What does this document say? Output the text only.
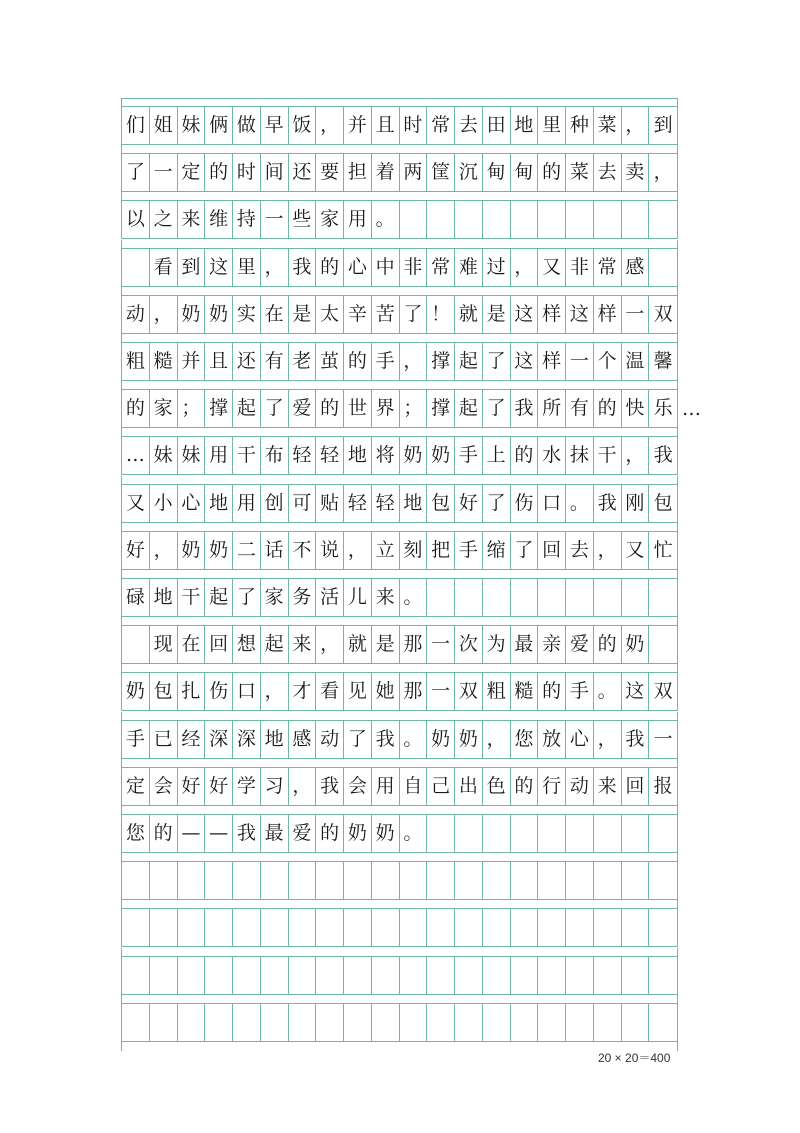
们 姐 妹 俩 做 早 饭 ， 并 且 时 常 去 田 地 里 种 菜 ， 到
了 一 定 的 时 间 还 要 担 着 两 筐 沉 甸 甸 的 菜 去 卖 ，
以 之 来 维 持 一 些 家 用 。
看 到 这 里 ， 我 的 心 中 非 常 难 过 ， 又 非 常 感
动 ， 奶 奶 实 在 是 太 辛 苦 了 ！ 就 是 这 样 这 样 一 双
粗 糙 并 且 还 有 老 茧 的 手 ， 撑 起 了 这 样 一 个 温 馨
的 家 ； 撑 起 了 爱 的 世 界 ； 撑 起 了 我 所 有 的 快 乐 …
… 妹 妹 用 干 布 轻 轻 地 将 奶 奶 手 上 的 水 抹 干 ， 我
又 小 心 地 用 创 可 贴 轻 轻 地 包 好 了 伤 口 。 我 刚 包
好 ， 奶 奶 二 话 不 说 ， 立 刻 把 手 缩 了 回 去 ， 又 忙
碌 地 干 起 了 家 务 活 儿 来 。
现 在 回 想 起 来 ， 就 是 那 一 次 为 最 亲 爱 的 奶
奶 包 扎 伤 口 ， 才 看 见 她 那 一 双 粗 糙 的 手 。 这 双
手 已 经 深 深 地 感 动 了 我 。 奶 奶 ， 您 放 心 ， 我 一
定 会 好 好 学 习 ， 我 会 用 自 己 出 色 的 行 动 来 回 报
您 的 — — 我 最 爱 的 奶 奶 。
20 × 20＝400
